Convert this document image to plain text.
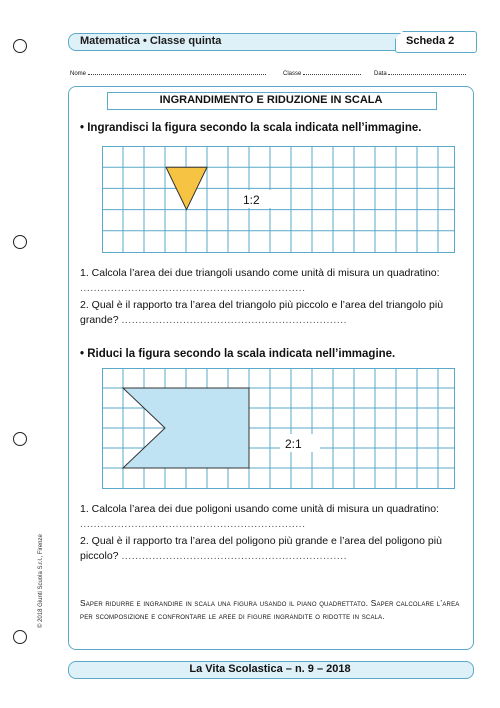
Matematica • Classe quinta	Scheda 2
Nome	Classe	Data
INGRANDIMENTO E RIDUZIONE IN SCALA
• Ingrandisci la figura secondo la scala indicata nell’immagine.
1:2
1. Calcola l’area dei due triangoli usando come unità di misura un quadratino: ..................................................................
2. Qual è il rapporto tra l’area del triangolo più piccolo e l’area del triangolo più grande? ..................................................................
• Riduci la figura secondo la scala indicata nell’immagine.
2:1
1. Calcola l’area dei due poligoni usando come unità di misura un quadratino: ..................................................................
2. Qual è il rapporto tra l’area del poligono più grande e l’area del poligono più piccolo? ..................................................................
Saper ridurre e ingrandire in scala una figura usando il piano quadrettato. Saper calcolare l’area per scomposizione e confrontare le aree di figure ingrandite o ridotte in scala.
© 2018 Giunti Scuola S.r.l., Firenze
La Vita Scolastica – n. 9 – 2018
